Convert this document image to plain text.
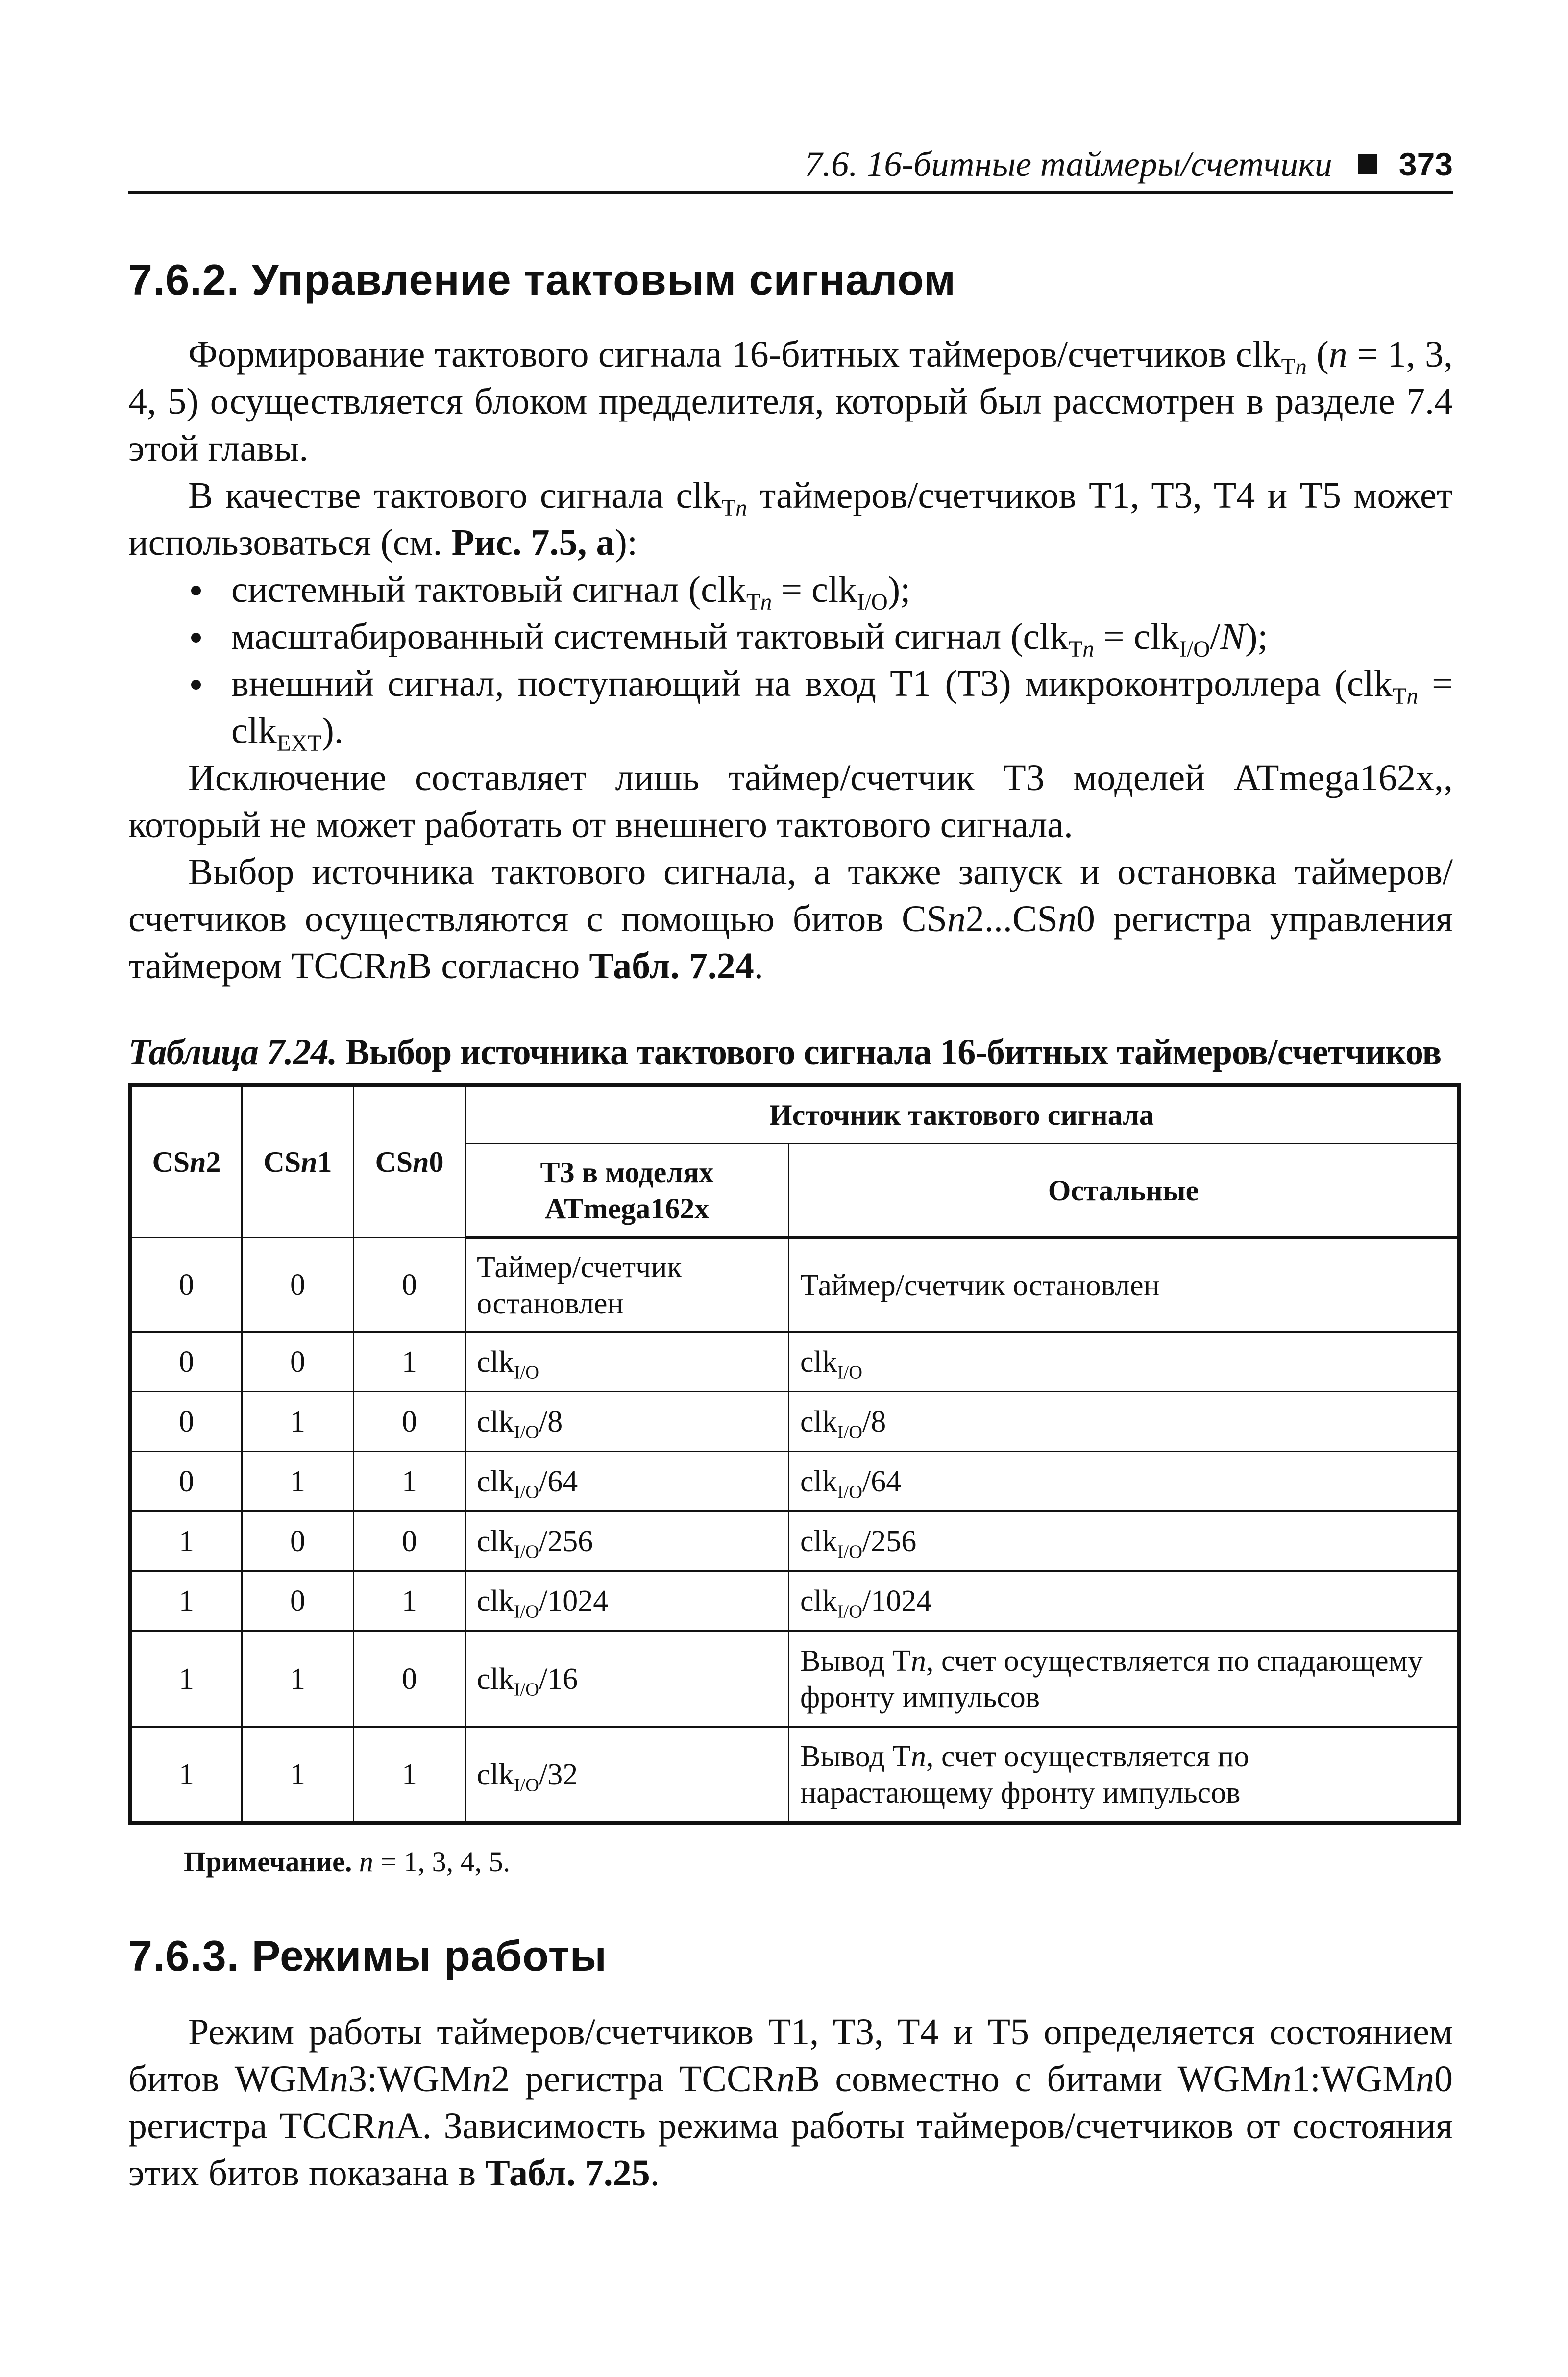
7.6. 16-битные таймеры/счетчики 373
7.6.2. Управление тактовым сигналом

Формирование тактового сигнала 16-битных таймеров/счетчиков clk$_{Tn}$ (n = 1, 3, 4, 5) осуществляется блоком предделителя, который был рассмотрен в разделе 7.4 этой главы.

В качестве тактового сигнала clk$_{Tn}$ таймеров/счетчиков T1, T3, T4 и T5 может использоваться (см. Рис. 7.5, а):

системный тактовый сигнал (clk$_{Tn}$ = clk$_{I/O}$);
масштабированный системный тактовый сигнал (clk$_{Tn}$ = clk$_{I/O}$/N);
внешний сигнал, поступающий на вход T1 (T3) микроконтроллера (clk$_{Tn}$ = clk$_{EXT}$).

Исключение составляет лишь таймер/счетчик T3 моделей ATmega162x,, который не может работать от внешнего тактового сигнала.

Выбор источника тактового сигнала, а также запуск и остановка таймеров/счетчиков осуществляются с помощью битов CSn2...CSn0 регистра управления таймером TCCRnB согласно Табл. 7.24.

Таблица 7.24. Выбор источника тактового сигнала 16-битных таймеров/счетчиков
CSn2	CSn1	CSn0	Источник тактового сигнала	
			T3 в моделях ATmega162x	Остальные
0	0	0	Таймер/счетчик остановлен	Таймер/счетчик остановлен
0	0	1	clk$_{I/O}$	clk$_{I/O}$
0	1	0	clk$_{I/O}$/8	clk$_{I/O}$/8
0	1	1	clk$_{I/O}$/64	clk$_{I/O}$/64
1	0	0	clk$_{I/O}$/256	clk$_{I/O}$/256
1	0	1	clk$_{I/O}$/1024	clk$_{I/O}$/1024
1	1	0	clk$_{I/O}$/16	Вывод Tn, счет осуществляется по спадающему фронту импульсов
1	1	1	clk$_{I/O}$/32	Вывод Tn, счет осуществляется по нарастающему фронту импульсов
Примечание. n = 1, 3, 4, 5.
7.6.3. Режимы работы

Режим работы таймеров/счетчиков T1, T3, T4 и T5 определяется состоянием битов WGMn3:WGMn2 регистра TCCRnB совместно с битами WGMn1:WGMn0 регистра TCCRnA. Зависимость режима работы таймеров/счетчиков от состояния этих битов показана в Табл. 7.25.
